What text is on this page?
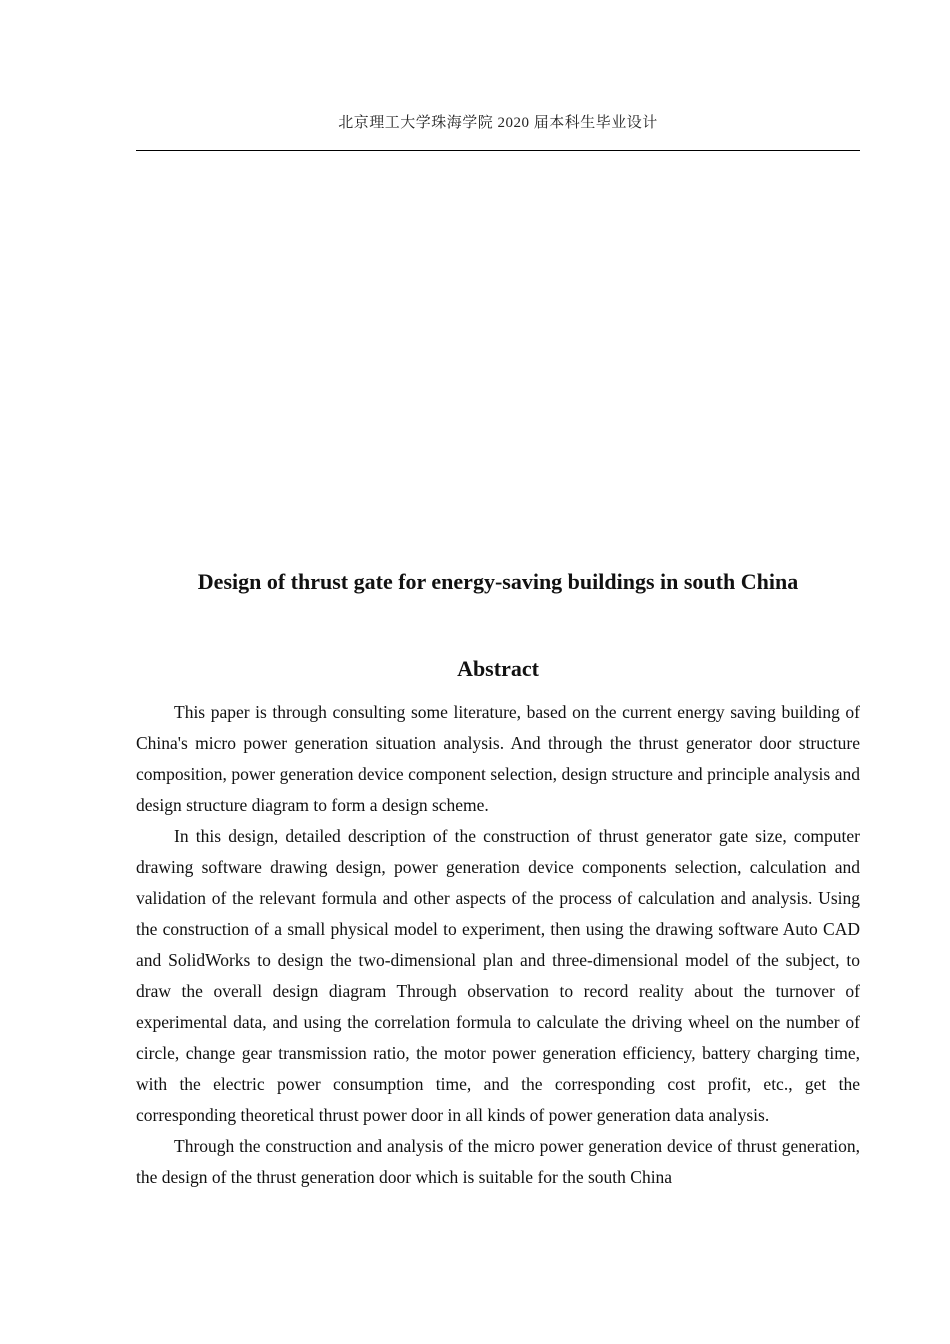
北京理工大学珠海学院 2020 届本科生毕业设计
Design of thrust gate for energy-saving buildings in south China
Abstract

This paper is through consulting some literature, based on the current energy saving building of China's micro power generation situation analysis. And through the thrust generator door structure composition, power generation device component selection, design structure and principle analysis and design structure diagram to form a design scheme.

In this design, detailed description of the construction of thrust generator gate size, computer drawing software drawing design, power generation device components selection, calculation and validation of the relevant formula and other aspects of the process of calculation and analysis. Using the construction of a small physical model to experiment, then using the drawing software Auto CAD and SolidWorks to design the two-dimensional plan and three-dimensional model of the subject, to draw the overall design diagram Through observation to record reality about the turnover of experimental data, and using the correlation formula to calculate the driving wheel on the number of circle, change gear transmission ratio, the motor power generation efficiency, battery charging time, with the electric power consumption time, and the corresponding cost profit, etc., get the corresponding theoretical thrust power door in all kinds of power generation data analysis.

Through the construction and analysis of the micro power generation device of thrust generation, the design of the thrust generation door which is suitable for the south China
